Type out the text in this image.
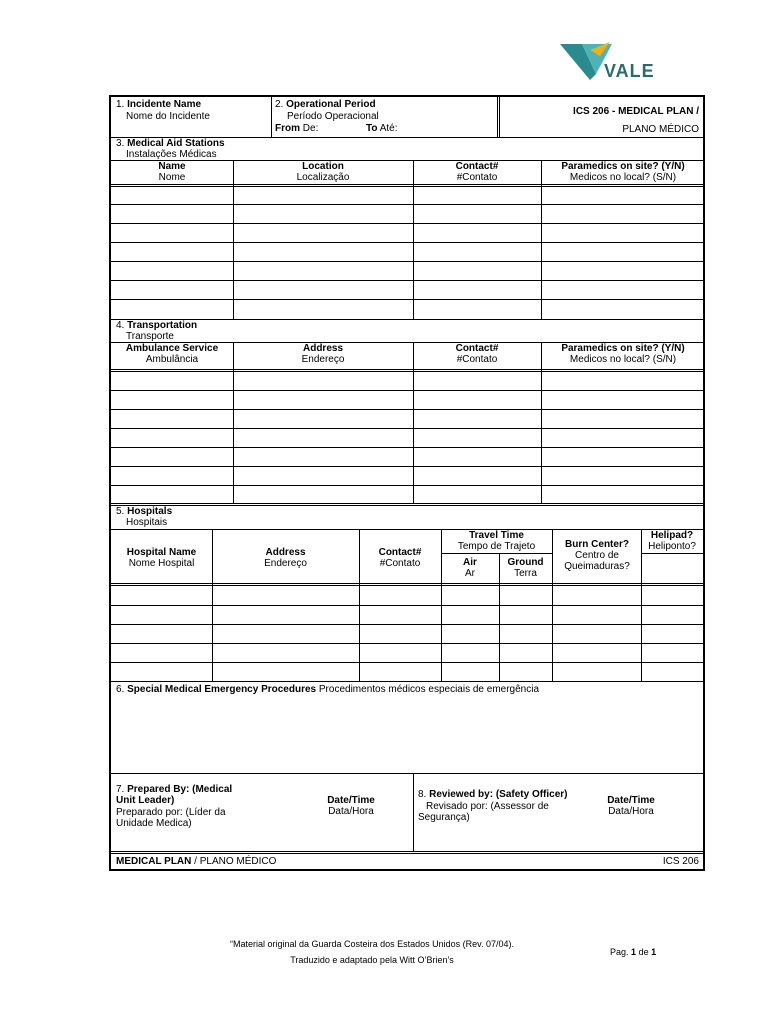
VALE
1. Incidente Name
Nome do Incidente
2. Operational Period
Período Operacional
From De:	To Até:
ICS 206 - MEDICAL PLAN /
PLANO MÉDICO
3. Medical Aid Stations
Instalações Médicas
4. Transportation
Transporte
5. Hospitals
Hospitais
Hospital Name
Nome Hospital
Address
Endereço
Contact#
#Contato
Travel Time
Tempo de Trajeto
Air
Ar
Ground
Terra
Burn Center?
Centro de Queimaduras?
Helipad?
Heliponto?
6. Special Medical Emergency Procedures Procedimentos médicos especiais de emergência
7. Prepared By: (Medical Unit Leader)
Preparado por: (Líder da Unidade Medica)
Date/Time
Data/Hora
8. Reviewed by: (Safety Officer)
Revisado por: (Assessor de Segurança)
Date/Time
Data/Hora
MEDICAL PLAN / PLANO MÉDICO	ICS 206
Name
Nome
Location
Localização
Contact#
#Contato
Paramedics on site? (Y/N)
Medicos no local? (S/N)
Ambulance Service
Ambulância
Address
Endereço
Contact#
#Contato
Paramedics on site? (Y/N)
Medicos no local? (S/N)
“Material original da Guarda Costeira dos Estados Unidos (Rev. 07/04).
Traduzido e adaptado pela Witt O’Brien’s
Pag. 1 de 1
